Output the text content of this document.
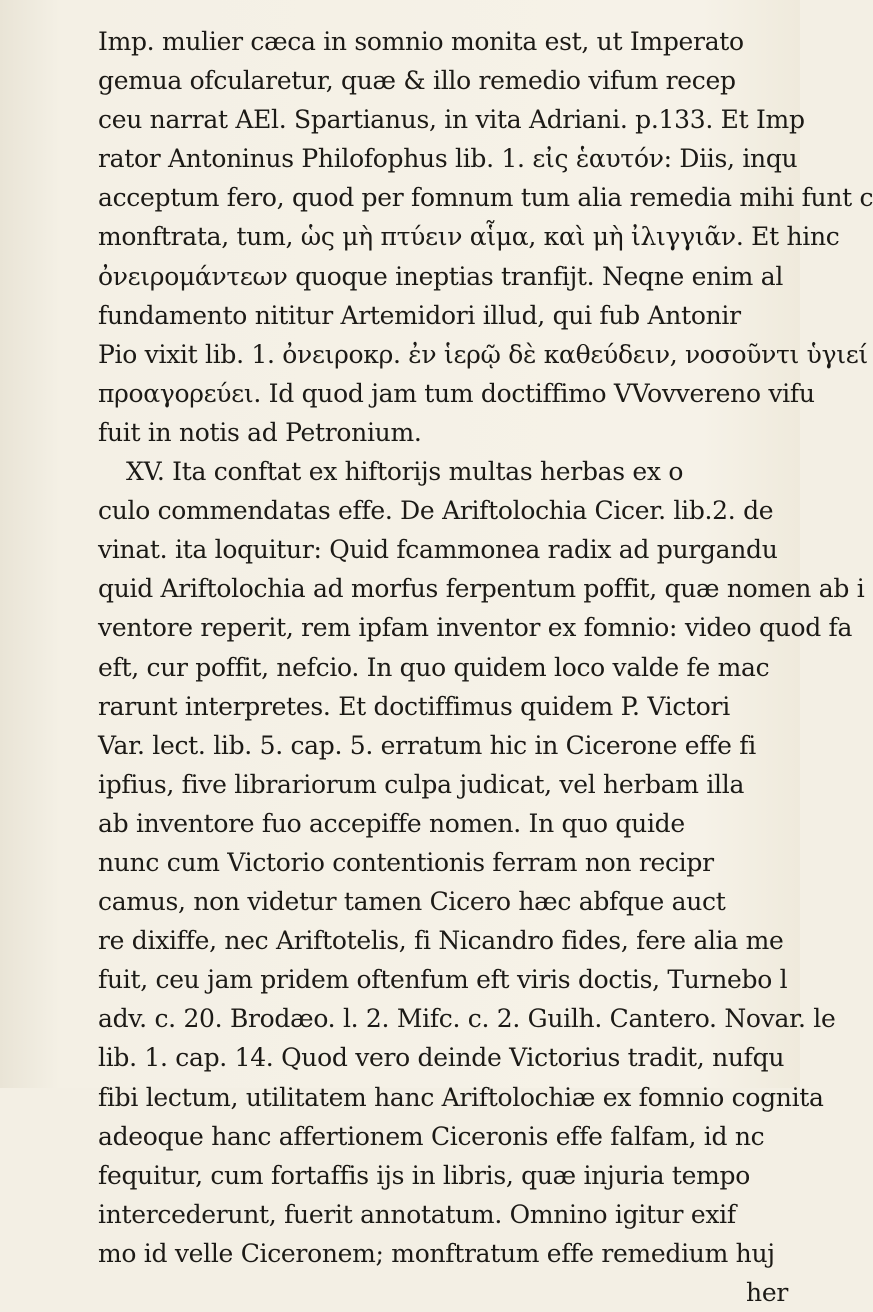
Imp. mulier cæca in somnio monita est, ut Imperato
gemua ofcularetur, quæ & illo remedio vifum recep
ceu narrat AEl. Spartianus, in vita Adriani. p.133. Et Imp
rator Antoninus Philofophus lib. 1. εἰς ἑαυτόν: Diis, inqu
acceptum fero, quod per fomnum tum alia remedia mihi funt c
monftrata, tum, ὡς μὴ πτύειν αἷμα, καὶ μὴ ἰλιγγιᾶν. Et hinc
ὀνειρομάντεων quoque ineptias tranfijt. Neqne enim al
fundamento nititur Artemidori illud, qui fub Antonir
Pio vixit lib. 1. ὀνειροκρ. ἐν ἱερῷ δὲ καθεύδειν, νοσοῦντι ὑγιεί
προαγορεύει. Id quod jam tum doctiffimo VVovvereno vifu
fuit in notis ad Petronium.
XV. Ita conftat ex hiftorijs multas herbas ex o
culo commendatas effe. De Ariftolochia Cicer. lib.2. de
vinat. ita loquitur: Quid fcammonea radix ad purgandu
quid Ariftolochia ad morfus ferpentum poffit, quæ nomen ab i
ventore reperit, rem ipfam inventor ex fomnio: video quod fa
eft, cur poffit, nefcio. In quo quidem loco valde fe mac
rarunt interpretes. Et doctiffimus quidem P. Victori
Var. lect. lib. 5. cap. 5. erratum hic in Cicerone effe fi
ipfius, five librariorum culpa judicat, vel herbam illa
ab inventore fuo accepiffe nomen. In quo quide
nunc cum Victorio contentionis ferram non recipr
camus, non videtur tamen Cicero hæc abfque auct
re dixiffe, nec Ariftotelis, fi Nicandro fides, fere alia me
fuit, ceu jam pridem oftenfum eft viris doctis, Turnebo l
adv. c. 20. Brodæo. l. 2. Mifc. c. 2. Guilh. Cantero. Novar. le
lib. 1. cap. 14. Quod vero deinde Victorius tradit, nufqu
fibi lectum, utilitatem hanc Ariftolochiæ ex fomnio cognita
adeoque hanc affertionem Ciceronis effe falfam, id nc
fequitur, cum fortaffis ijs in libris, quæ injuria tempo
intercederunt, fuerit annotatum. Omnino igitur exif
mo id velle Ciceronem; monftratum effe remedium huj
her
